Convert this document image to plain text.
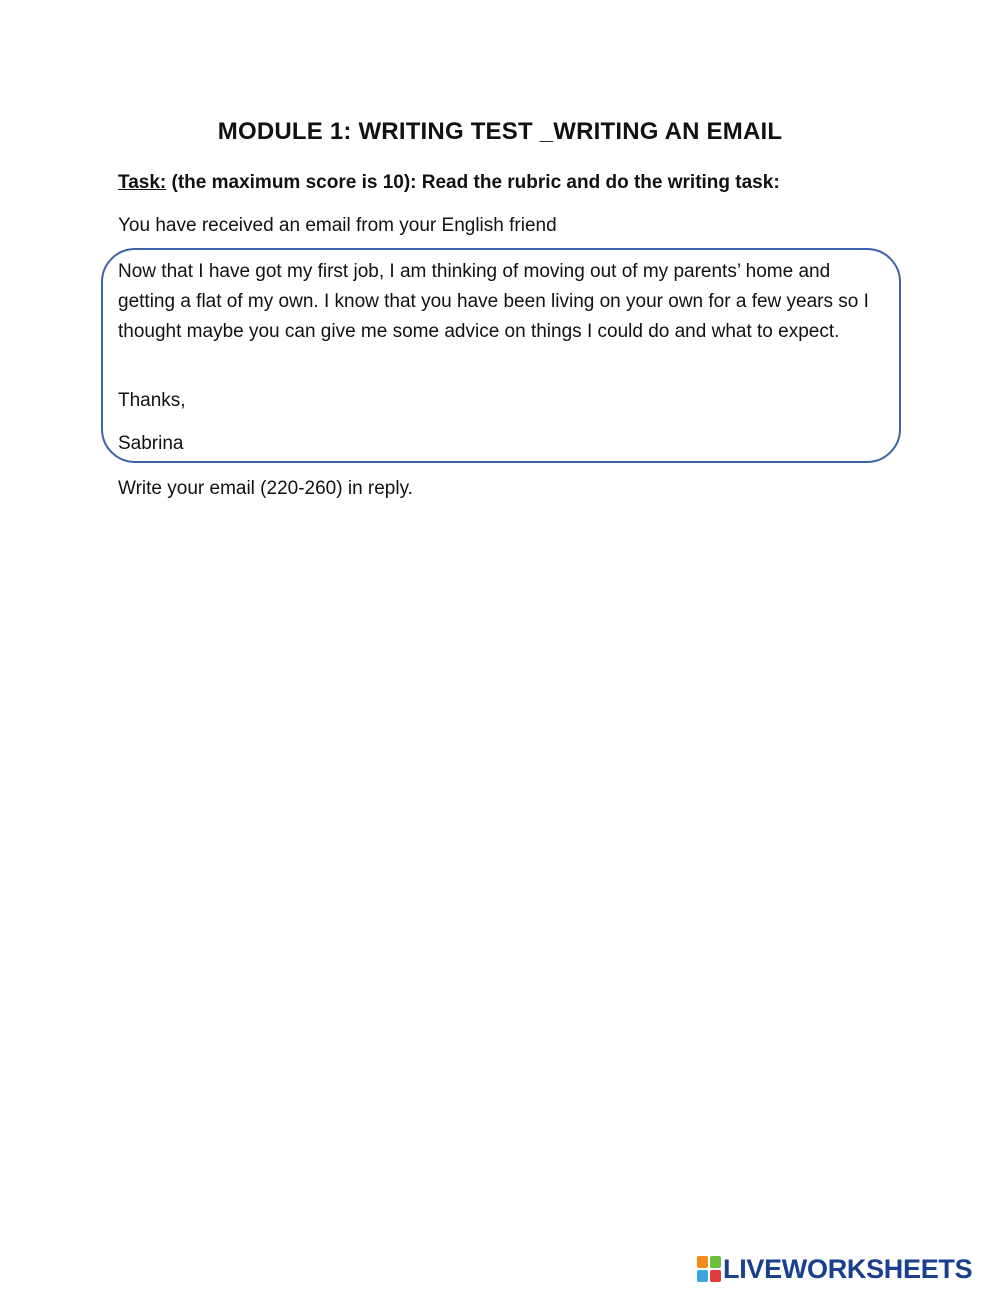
MODULE 1: WRITING TEST _WRITING AN EMAIL
Task: (the maximum score is 10): Read the rubric and do the writing task:
You have received an email from your English friend
Now that I have got my first job, I am thinking of moving out of my parents’ home and getting a flat of my own. I know that you have been living on your own for a few years so I thought maybe you can give me some advice on things I could do and what to expect.
Thanks,
Sabrina
Write your email (220-260) in reply.
LIVEWORKSHEETS
